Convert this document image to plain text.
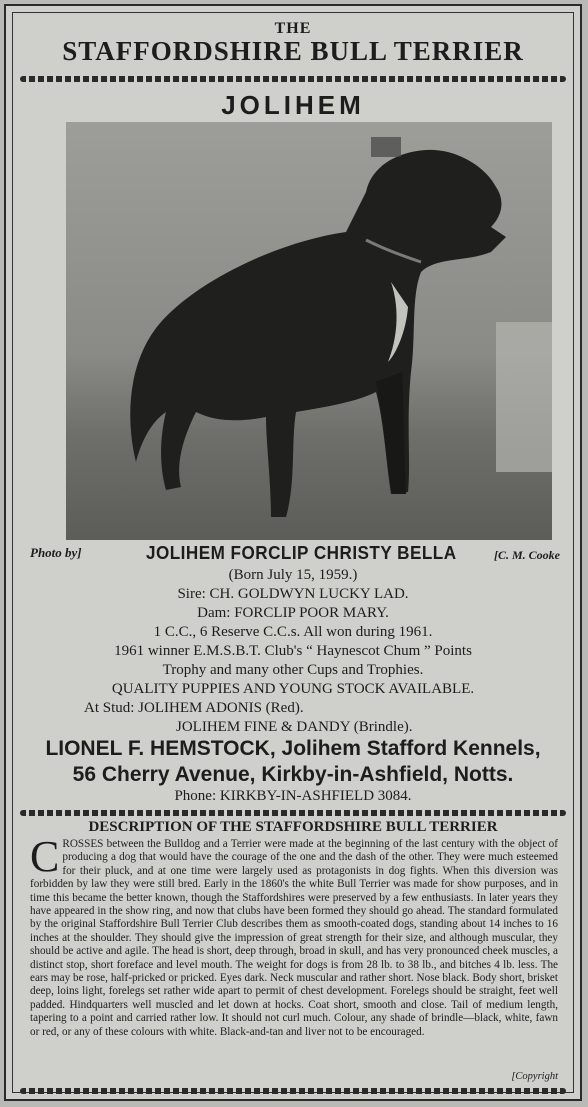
THE
STAFFORDSHIRE BULL TERRIER
JOLIHEM
Photo by]	JOLIHEM FORCLIP CHRISTY BELLA	[C. M. Cooke
(Born July 15, 1959.)
Sire: CH. GOLDWYN LUCKY LAD.
Dam: FORCLIP POOR MARY.
1 C.C., 6 Reserve C.C.s. All won during 1961.
1961 winner E.M.S.B.T. Club's “ Haynescot Chum ” Points
Trophy and many other Cups and Trophies.
QUALITY PUPPIES AND YOUNG STOCK AVAILABLE.
At Stud: JOLIHEM ADONIS (Red).
JOLIHEM FINE & DANDY (Brindle).
LIONEL F. HEMSTOCK, Jolihem Stafford Kennels,
56 Cherry Avenue, Kirkby-in-Ashfield, Notts.
Phone: KIRKBY-IN-ASHFIELD 3084.
DESCRIPTION OF THE STAFFORDSHIRE BULL TERRIER
CROSSES between the Bulldog and a Terrier were made at the beginning of the last century with the object of producing a dog that would have the courage of the one and the dash of the other. They were much esteemed for their pluck, and at one time were largely used as protagonists in dog fights. When this diversion was forbidden by law they were still bred. Early in the 1860's the white Bull Terrier was made for show purposes, and in time this became the better known, though the Staffordshires were preserved by a few enthusiasts. In later years they have appeared in the show ring, and now that clubs have been formed they should go ahead. The standard formulated by the original Staffordshire Bull Terrier Club describes them as smooth-coated dogs, standing about 14 inches to 16 inches at the shoulder. They should give the impression of great strength for their size, and although muscular, they should be active and agile. The head is short, deep through, broad in skull, and has very pronounced cheek muscles, a distinct stop, short foreface and level mouth. The weight for dogs is from 28 lb. to 38 lb., and bitches 4 lb. less. The ears may be rose, half-pricked or pricked. Eyes dark. Neck muscular and rather short. Nose black. Body short, brisket deep, loins light, forelegs set rather wide apart to permit of chest development. Forelegs should be straight, feet well padded. Hindquarters well muscled and let down at hocks. Coat short, smooth and close. Tail of medium length, tapering to a point and carried rather low. It should not curl much. Colour, any shade of brindle—black, white, fawn or red, or any of these colours with white. Black-and-tan and liver not to be encouraged.
[Copyright
